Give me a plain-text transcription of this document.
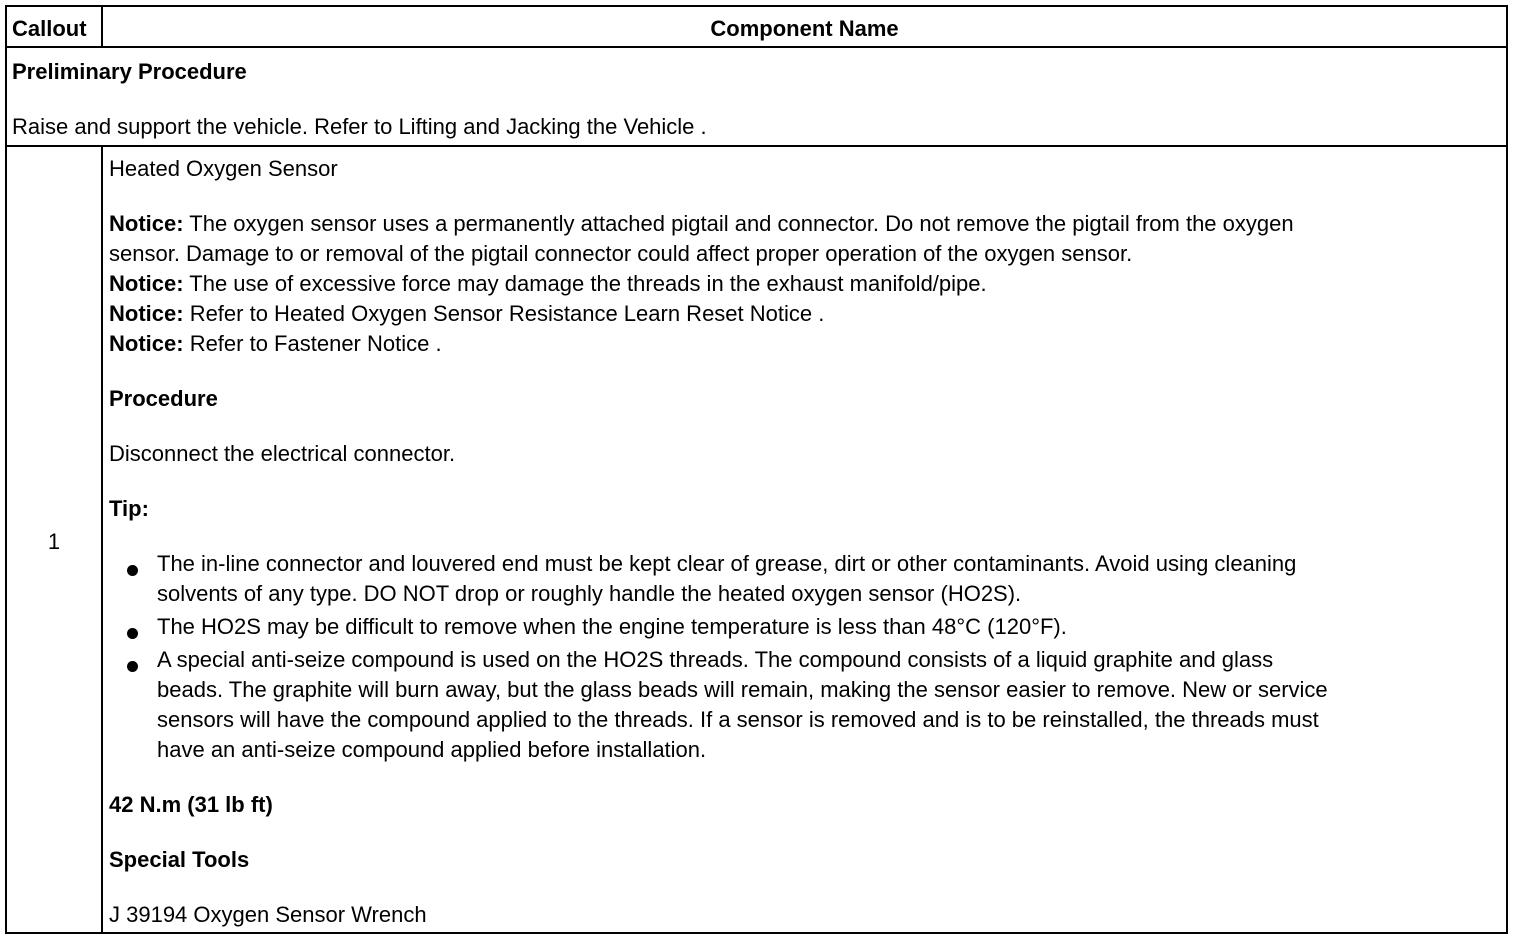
Callout	Component Name
Preliminary Procedure
Raise and support the vehicle. Refer to Lifting and Jacking the Vehicle .
1
Heated Oxygen Sensor
Notice: The oxygen sensor uses a permanently attached pigtail and connector. Do not remove the pigtail from the oxygen
sensor. Damage to or removal of the pigtail connector could affect proper operation of the oxygen sensor.
Notice: The use of excessive force may damage the threads in the exhaust manifold/pipe.
Notice: Refer to Heated Oxygen Sensor Resistance Learn Reset Notice .
Notice: Refer to Fastener Notice .
Procedure
Disconnect the electrical connector.
Tip:
The in-line connector and louvered end must be kept clear of grease, dirt or other contaminants. Avoid using cleaning
solvents of any type. DO NOT drop or roughly handle the heated oxygen sensor (HO2S).
The HO2S may be difficult to remove when the engine temperature is less than 48°C (120°F).
A special anti-seize compound is used on the HO2S threads. The compound consists of a liquid graphite and glass
beads. The graphite will burn away, but the glass beads will remain, making the sensor easier to remove. New or service
sensors will have the compound applied to the threads. If a sensor is removed and is to be reinstalled, the threads must
have an anti-seize compound applied before installation.
42 N.m (31 lb ft)
Special Tools
J 39194 Oxygen Sensor Wrench
